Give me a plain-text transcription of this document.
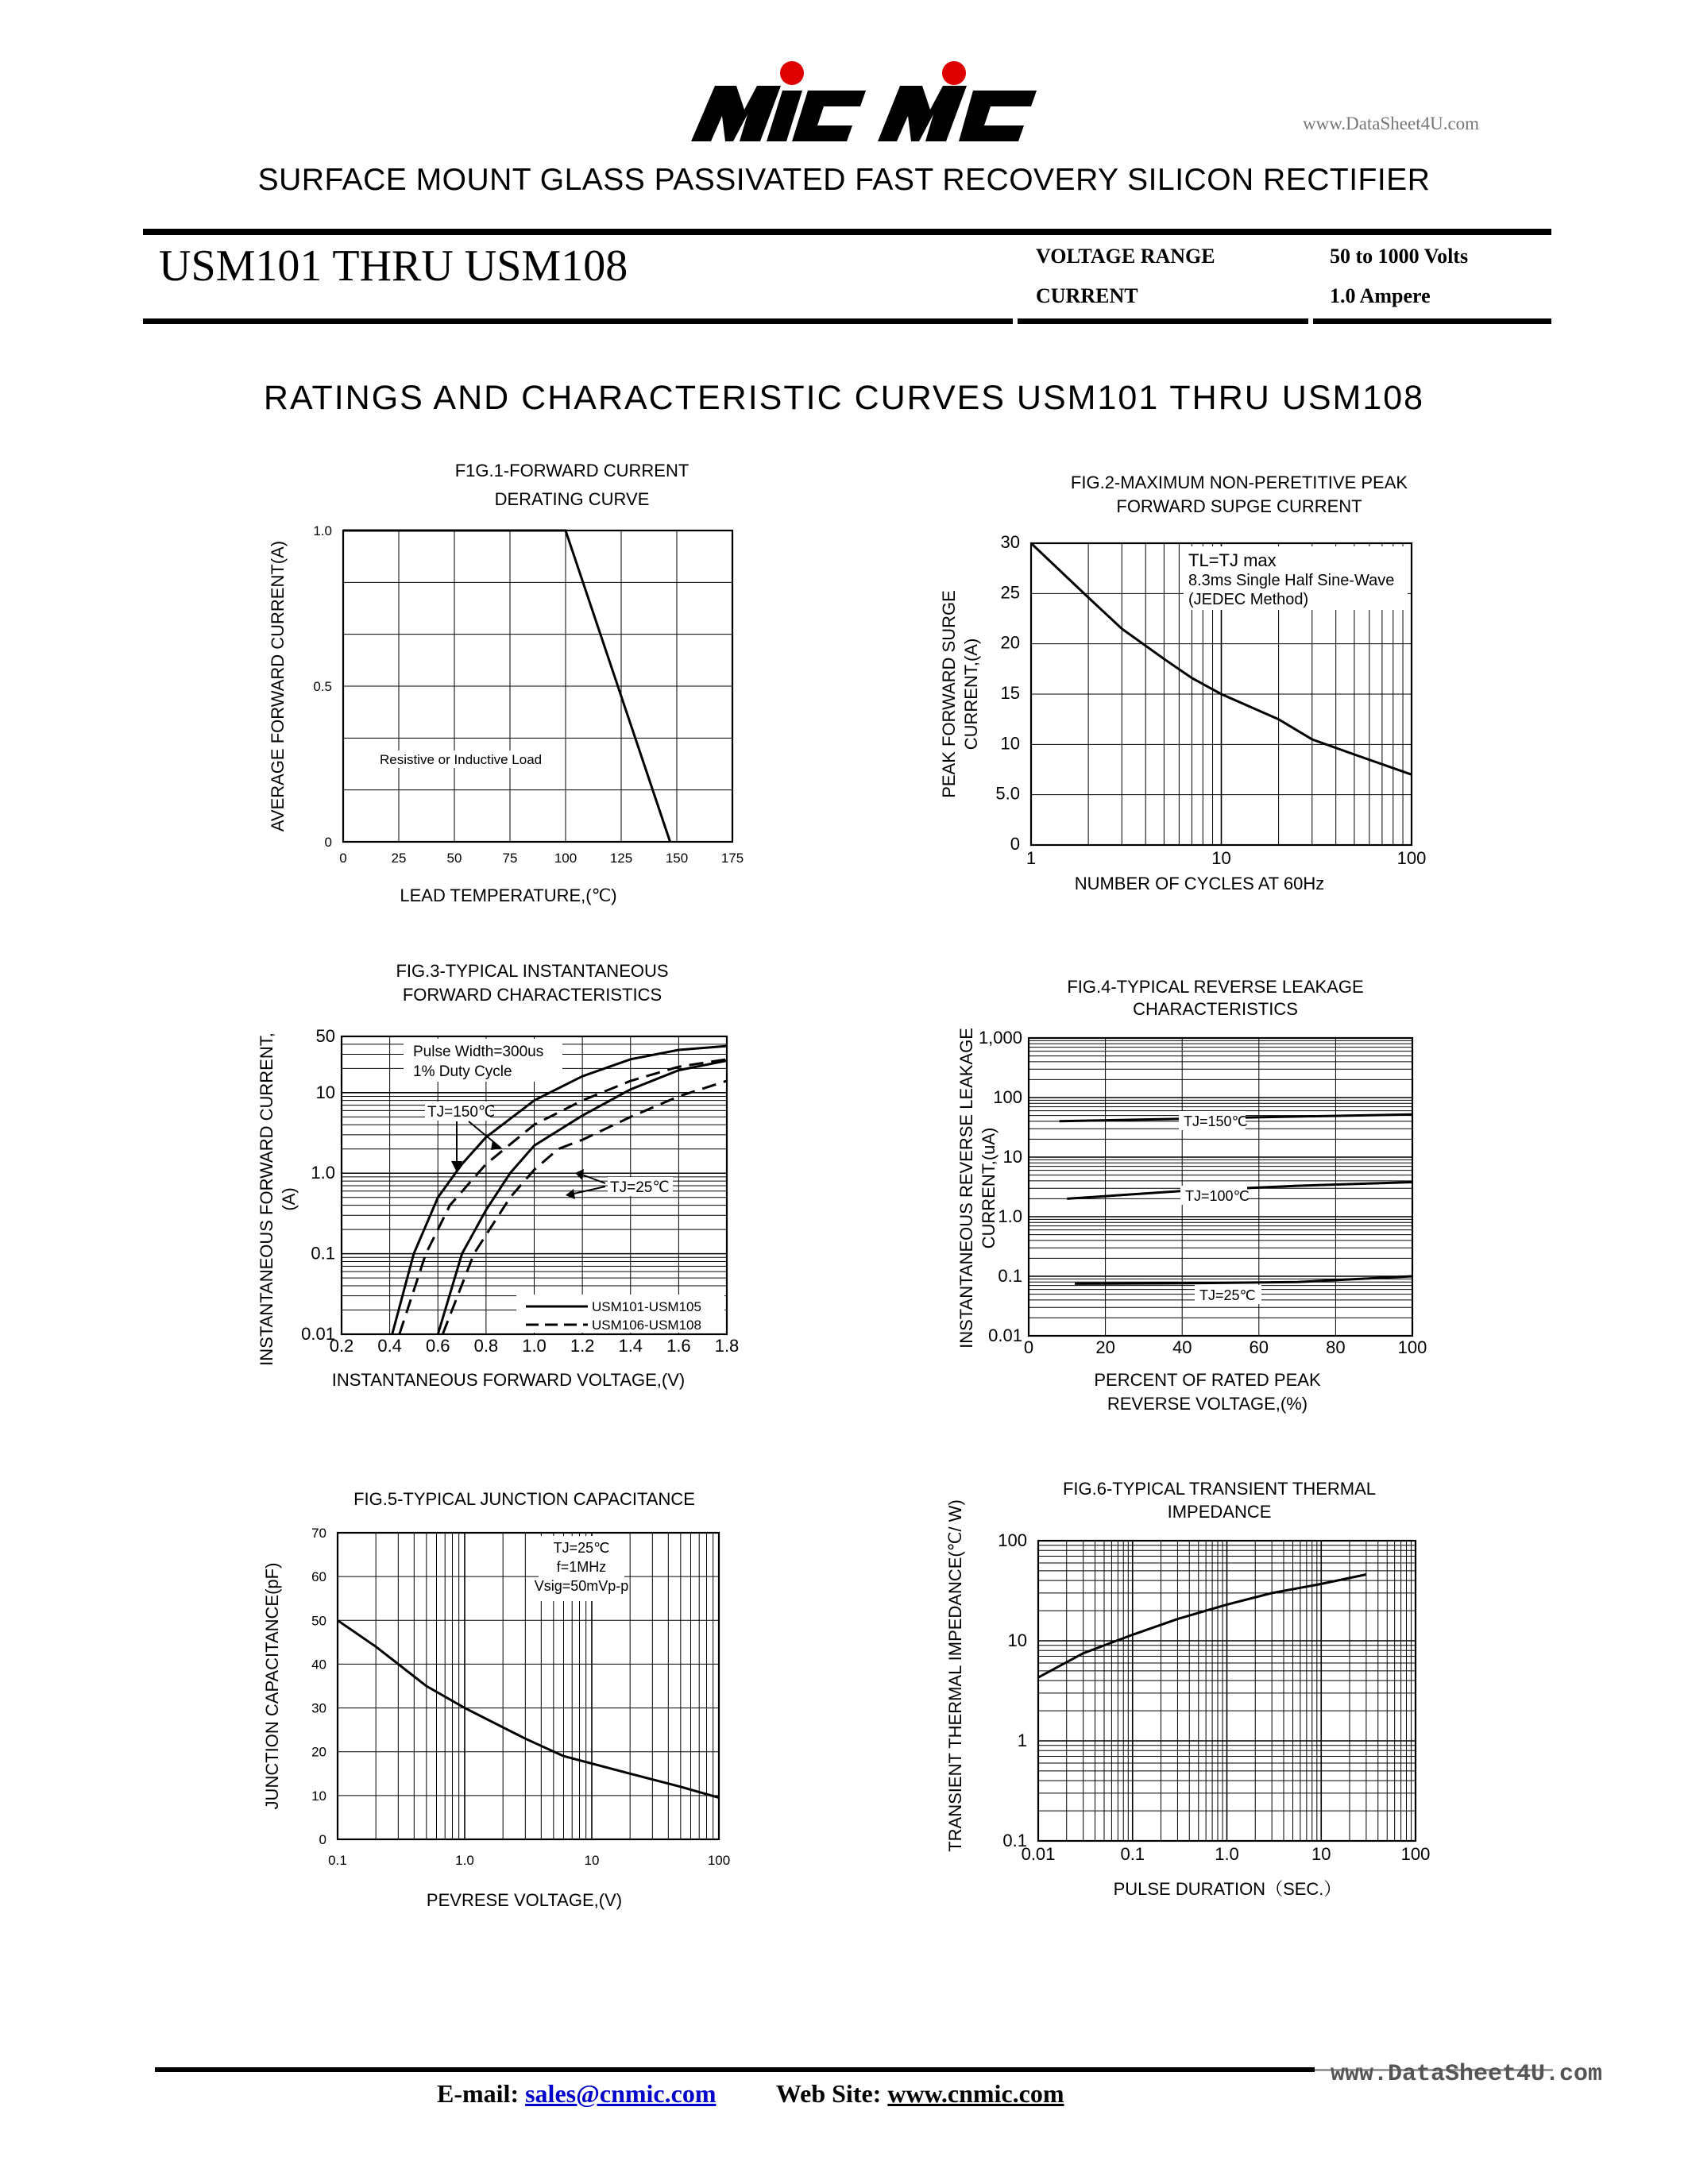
www.DataSheet4U.com
SURFACE MOUNT GLASS PASSIVATED FAST RECOVERY SILICON RECTIFIER
USM101 THRU USM108	VOLTAGE RANGE	50 to 1000 Volts
CURRENT	1.0 Ampere
RATINGS AND CHARACTERISTIC CURVES USM101 THRU USM108
0	25	50	75	100 125 150 175
0
0.5
1.0
F1G.1-FORWARD CURRENT
DERATING CURVE
LEAD TEMPERATURE,(℃)
AVERAGE FORWARD CURRENT(A)
1	10	100
0
5.0
10
15
20
25
30
FIG.2-MAXIMUM NON-PERETITIVE PEAK
FORWARD SUPGE CURRENT
NUMBER OF CYCLES AT 60Hz
PEAK FORWARD SURGE CURRENT,(A)
0.2 0.4 0.6 0.8 1.0 1.2 1.4 1.6 1.8
0.01
0.1
1.0
10
50
FIG.3-TYPICAL INSTANTANEOUS
FORWARD CHARACTERISTICS
INSTANTANEOUS FORWARD VOLTAGE,(V)
INSTANTANEOUS FORWARD CURRENT, (A)
0	20	40	60	80	100
0.01
0.1
1.0
10
100
1,000
FIG.4-TYPICAL REVERSE LEAKAGE
CHARACTERISTICS
PERCENT OF RATED PEAK
REVERSE VOLTAGE,(%)
INSTANTANEOUS REVERSE LEAKAGE CURRENT,(uA)
0.1	1.0	10	100
0
10
20
30
40
50
60
70
FIG.5-TYPICAL JUNCTION CAPACITANCE
PEVRESE VOLTAGE,(V)
JUNCTION CAPACITANCE(pF)
0.01	0.1	1.0	10	100
0.1
1
10
100
FIG.6-TYPICAL TRANSIENT THERMAL
IMPEDANCE
PULSE DURATION（SEC.）
TRANSIENT THERMAL IMPEDANCE(℃/ W)
Resistive or Inductive Load
TL=TJ max
8.3ms Single Half Sine-Wave
(JEDEC Method)
Pulse Width=300us
1% Duty Cycle
TJ=150℃
TJ=25℃
USM101-USM105
USM106-USM108
TJ=150℃
TJ=100℃
TJ=25℃
TJ=25℃
f=1MHz
Vsig=50mVp-p
E-mail: sales@cnmic.com Web Site: www.cnmic.com
www.DataSheet4U.com
